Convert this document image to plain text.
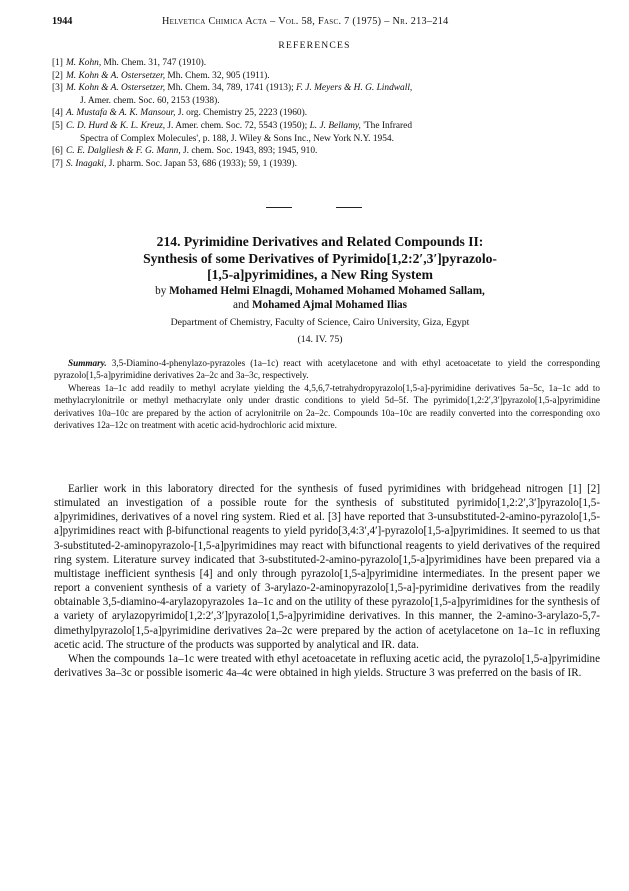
1944	Helvetica Chimica Acta – Vol. 58, Fasc. 7 (1975) – Nr. 213–214
REFERENCES
[1] M. Kohn, Mh. Chem. 31, 747 (1910).
[2] M. Kohn & A. Ostersetzer, Mh. Chem. 32, 905 (1911).
[3] M. Kohn & A. Ostersetzer, Mh. Chem. 34, 789, 1741 (1913); F. J. Meyers & H. G. Lindwall,
J. Amer. chem. Soc. 60, 2153 (1938).
[4] A. Mustafa & A. K. Mansour, J. org. Chemistry 25, 2223 (1960).
[5] C. D. Hurd & K. L. Kreuz, J. Amer. chem. Soc. 72, 5543 (1950); L. J. Bellamy, 'The Infrared
Spectra of Complex Molecules', p. 188, J. Wiley & Sons Inc., New York N.Y. 1954.
[6] C. E. Dalgliesh & F. G. Mann, J. chem. Soc. 1943, 893; 1945, 910.
[7] S. Inagaki, J. pharm. Soc. Japan 53, 686 (1933); 59, 1 (1939).
214. Pyrimidine Derivatives and Related Compounds II:
Synthesis of some Derivatives of Pyrimido[1,2:2′,3′]pyrazolo-
[1,5-a]pyrimidines, a New Ring System
by Mohamed Helmi Elnagdi, Mohamed Mohamed Mohamed Sallam,
and Mohamed Ajmal Mohamed Ilias
Department of Chemistry, Faculty of Science, Cairo University, Giza, Egypt
(14. IV. 75)

Summary. 3,5-Diamino-4-phenylazo-pyrazoles (1a–1c) react with acetylacetone and with ethyl acetoacetate to yield the corresponding pyrazolo[1,5-a]pyrimidine derivatives 2a–2c and 3a–3c, respectively.

Whereas 1a–1c add readily to methyl acrylate yielding the 4,5,6,7-tetrahydropyrazolo[1,5-a]-pyrimidine derivatives 5a–5c, 1a–1c add to methylacrylonitrile or methyl methacrylate only under drastic conditions to yield 5d–5f. The pyrimido[1,2:2′,3′]pyrazolo[1,5-a]pyrimidine derivatives 10a–10c are prepared by the action of acrylonitrile on 2a–2c. Compounds 10a–10c are readily converted into the corresponding oxo derivatives 12a–12c on treatment with acetic acid-hydrochloric acid mixture.

Earlier work in this laboratory directed for the synthesis of fused pyrimidines with bridgehead nitrogen [1] [2] stimulated an investigation of a possible route for the synthesis of substituted pyrimido[1,2:2′,3′]pyrazolo[1,5-a]pyrimidines, derivatives of a novel ring system. Ried et al. [3] have reported that 3-unsubstituted-2-amino-pyrazolo[1,5-a]pyrimidines react with β-bifunctional reagents to yield pyrido[3,4:3′,4′]-pyrazolo[1,5-a]pyrimidines. It seemed to us that 3-substituted-2-aminopyrazolo-[1,5-a]pyrimidines may react with bifunctional reagents to yield derivatives of the required ring system. Literature survey indicated that 3-substituted-2-amino-pyrazolo[1,5-a]pyrimidines have been prepared via a multistage inefficient synthesis [4] and only through pyrazolo[1,5-a]pyrimidine intermediates. In the present paper we report a convenient synthesis of a variety of 3-arylazo-2-aminopyrazolo[1,5-a]-pyrimidine derivatives from the readily obtainable 3,5-diamino-4-arylazopyrazoles 1a–1c and on the utility of these pyrazolo[1,5-a]pyrimidines for the synthesis of a variety of arylazopyrimido[1,2:2′,3′]pyrazolo[1,5-a]pyrimidine derivatives. In this manner, the 2-amino-3-arylazo-5,7-dimethylpyrazolo[1,5-a]pyrimidine derivatives 2a–2c were prepared by the action of acetylacetone on 1a–1c in refluxing acetic acid. The structure of the products was supported by analytical and IR. data.

When the compounds 1a–1c were treated with ethyl acetoacetate in refluxing acetic acid, the pyrazolo[1,5-a]pyrimidine derivatives 3a–3c or possible isomeric 4a–4c were obtained in high yields. Structure 3 was preferred on the basis of IR.
